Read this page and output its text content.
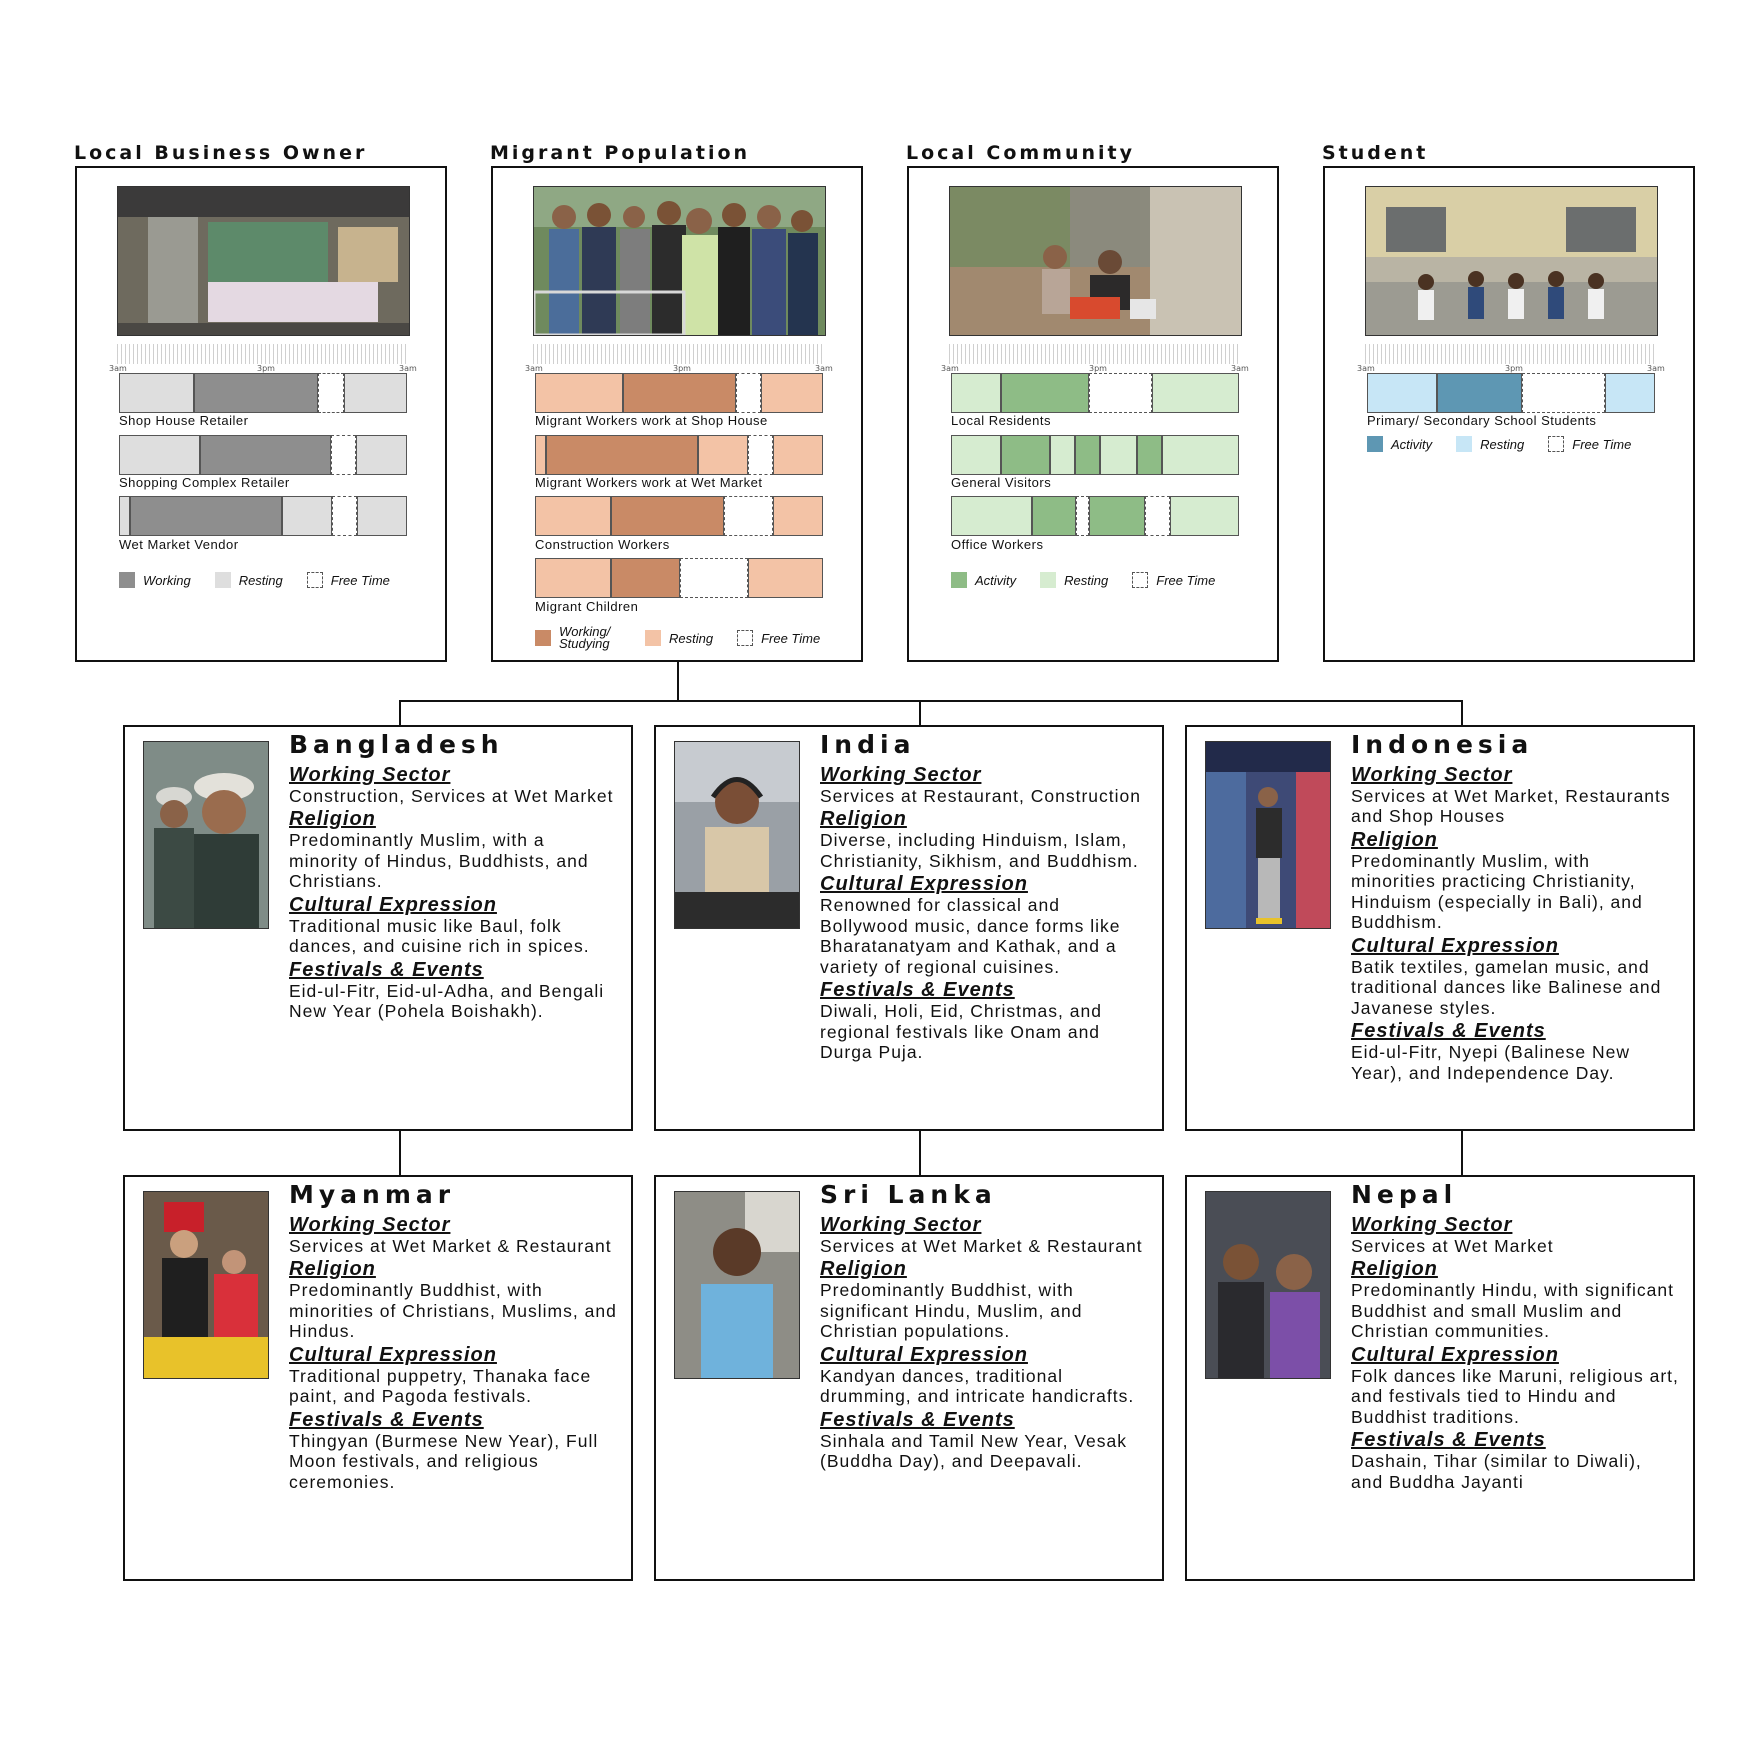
Local Business Owner	Migrant Population	Local Community	Student
3am	3pm	3am
Shop House Retailer
Shopping Complex Retailer
Wet Market Vendor
Working	Resting	Free Time
3am	3pm	3am
Migrant Workers work at Shop House
Migrant Workers work at Wet Market
Construction Workers
Migrant Children
Working/ Studying	Resting	Free Time
3am	3pm	3am
Local Residents
General Visitors
Office Workers
Activity	Resting	Free Time
3am	3pm	3am
Primary/ Secondary School Students
Activity	Resting	Free Time
Bangladesh
Working Sector
Construction, Services at Wet Market
Religion
Predominantly Muslim, with a minority of Hindus, Buddhists, and Christians.
Cultural Expression
Traditional music like Baul, folk dances, and cuisine rich in spices.
Festivals & Events
Eid-ul-Fitr, Eid-ul-Adha, and Bengali New Year (Pohela Boishakh).
India
Working Sector
Services at Restaurant, Construction
Religion
Diverse, including Hinduism, Islam, Christianity, Sikhism, and Buddhism.
Cultural Expression
Renowned for classical and Bollywood music, dance forms like Bharatanatyam and Kathak, and a variety of regional cuisines.
Festivals & Events
Diwali, Holi, Eid, Christmas, and regional festivals like Onam and Durga Puja.
Indonesia
Working Sector
Services at Wet Market, Restaurants and Shop Houses
Religion
Predominantly Muslim, with minorities practicing Christianity, Hinduism (especially in Bali), and Buddhism.
Cultural Expression
Batik textiles, gamelan music, and traditional dances like Balinese and Javanese styles.
Festivals & Events
Eid-ul-Fitr, Nyepi (Balinese New Year), and Independence Day.
Myanmar
Working Sector
Services at Wet Market & Restaurant
Religion
Predominantly Buddhist, with minorities of Christians, Muslims, and Hindus.
Cultural Expression
Traditional puppetry, Thanaka face paint, and Pagoda festivals.
Festivals & Events
Thingyan (Burmese New Year), Full Moon festivals, and religious ceremonies.
Sri Lanka
Working Sector
Services at Wet Market & Restaurant
Religion
Predominantly Buddhist, with significant Hindu, Muslim, and Christian populations.
Cultural Expression
Kandyan dances, traditional drumming, and intricate handicrafts.
Festivals & Events
Sinhala and Tamil New Year, Vesak (Buddha Day), and Deepavali.
Nepal
Working Sector
Services at Wet Market
Religion
Predominantly Hindu, with significant Buddhist and small Muslim and Christian communities.
Cultural Expression
Folk dances like Maruni, religious art, and festivals tied to Hindu and Buddhist traditions.
Festivals & Events
Dashain, Tihar (similar to Diwali), and Buddha Jayanti
